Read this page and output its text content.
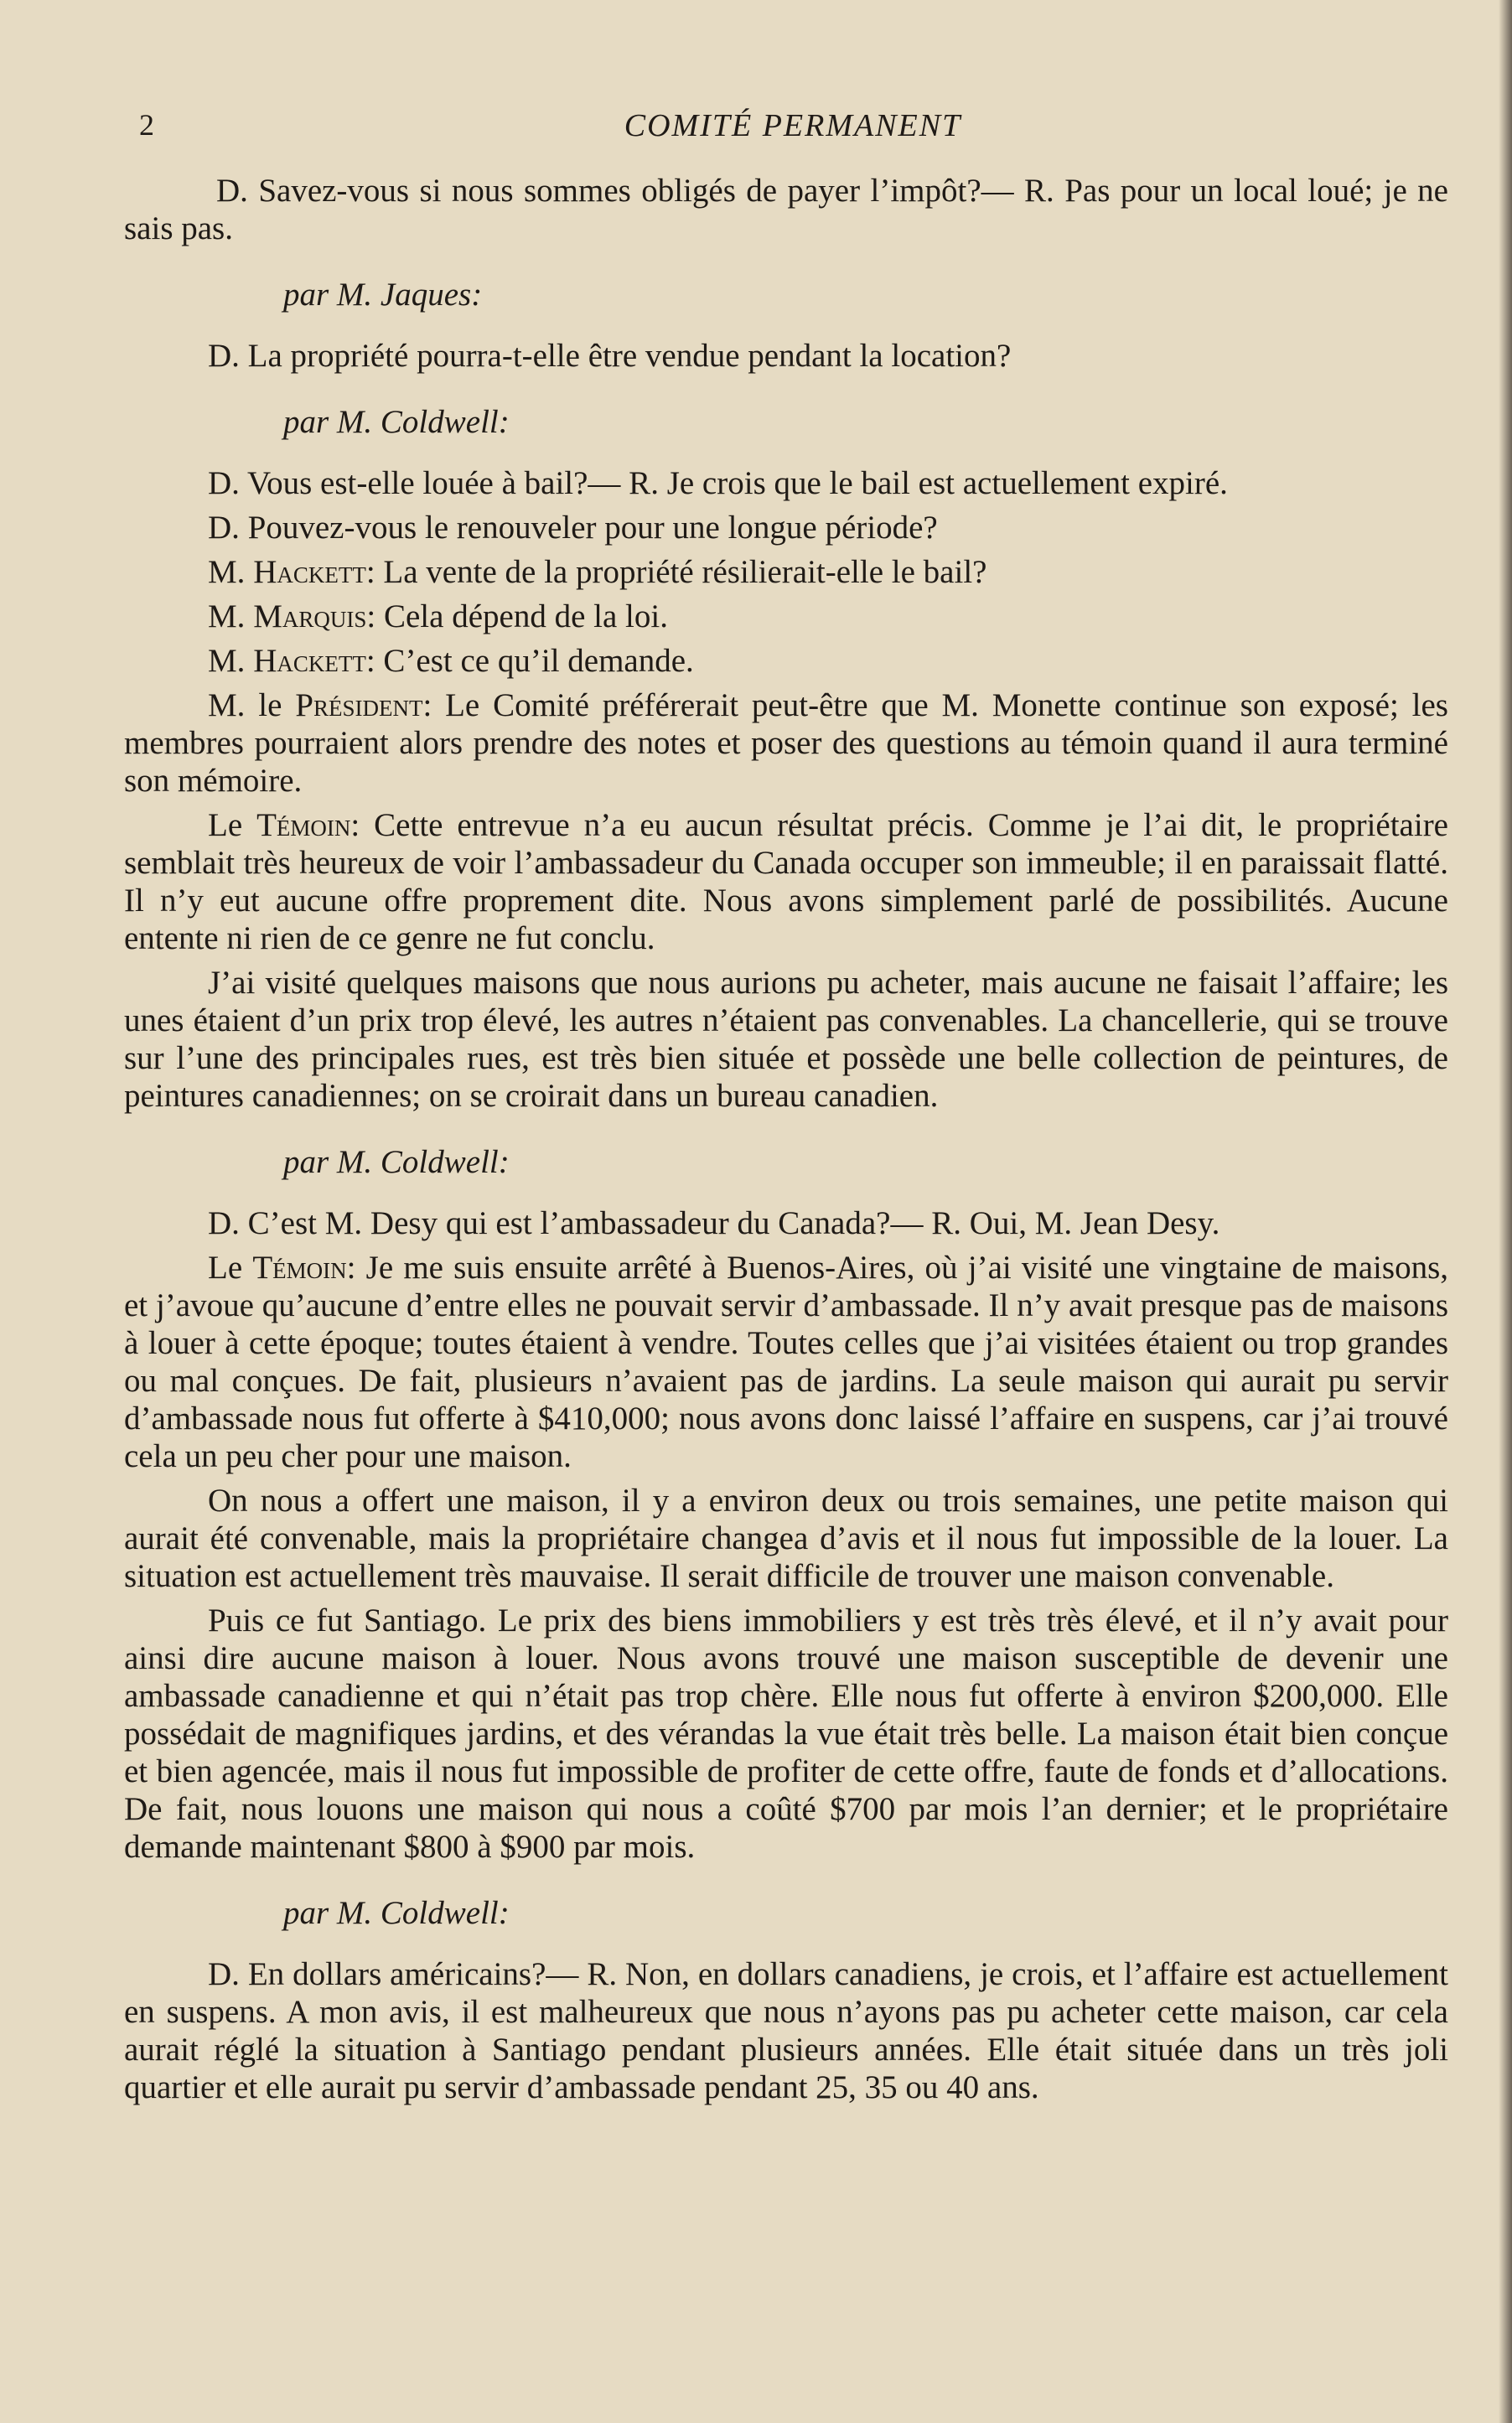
2	COMITÉ PERMANENT

D. Savez-vous si nous sommes obligés de payer l’impôt?— R. Pas pour un local loué; je ne sais pas.

par M. Jaques:

D. La propriété pourra-t-elle être vendue pendant la location?

par M. Coldwell:

D. Vous est-elle louée à bail?— R. Je crois que le bail est actuellement expiré.

D. Pouvez-vous le renouveler pour une longue période?

M. Hackett: La vente de la propriété résilierait-elle le bail?

M. Marquis: Cela dépend de la loi.

M. Hackett: C’est ce qu’il demande.

M. le Président: Le Comité préférerait peut-être que M. Monette continue son exposé; les membres pourraient alors prendre des notes et poser des questions au témoin quand il aura terminé son mémoire.

Le Témoin: Cette entrevue n’a eu aucun résultat précis. Comme je l’ai dit, le propriétaire semblait très heureux de voir l’ambassadeur du Canada occuper son immeuble; il en paraissait flatté. Il n’y eut aucune offre proprement dite. Nous avons simplement parlé de possibilités. Aucune entente ni rien de ce genre ne fut conclu.

J’ai visité quelques maisons que nous aurions pu acheter, mais aucune ne faisait l’affaire; les unes étaient d’un prix trop élevé, les autres n’étaient pas convenables. La chancellerie, qui se trouve sur l’une des principales rues, est très bien située et possède une belle collection de peintures, de peintures canadiennes; on se croirait dans un bureau canadien.

par M. Coldwell:

D. C’est M. Desy qui est l’ambassadeur du Canada?— R. Oui, M. Jean Desy.

Le Témoin: Je me suis ensuite arrêté à Buenos-Aires, où j’ai visité une vingtaine de maisons, et j’avoue qu’aucune d’entre elles ne pouvait servir d’ambassade. Il n’y avait presque pas de maisons à louer à cette époque; toutes étaient à vendre. Toutes celles que j’ai visitées étaient ou trop grandes ou mal conçues. De fait, plusieurs n’avaient pas de jardins. La seule maison qui aurait pu servir d’ambassade nous fut offerte à $410,000; nous avons donc laissé l’affaire en suspens, car j’ai trouvé cela un peu cher pour une maison.

On nous a offert une maison, il y a environ deux ou trois semaines, une petite maison qui aurait été convenable, mais la propriétaire changea d’avis et il nous fut impossible de la louer. La situation est actuellement très mauvaise. Il serait difficile de trouver une maison convenable.

Puis ce fut Santiago. Le prix des biens immobiliers y est très très élevé, et il n’y avait pour ainsi dire aucune maison à louer. Nous avons trouvé une maison susceptible de devenir une ambassade canadienne et qui n’était pas trop chère. Elle nous fut offerte à environ $200,000. Elle possédait de magnifiques jardins, et des vérandas la vue était très belle. La maison était bien conçue et bien agencée, mais il nous fut impossible de profiter de cette offre, faute de fonds et d’allocations. De fait, nous louons une maison qui nous a coûté $700 par mois l’an dernier; et le propriétaire demande maintenant $800 à $900 par mois.

par M. Coldwell:

D. En dollars américains?— R. Non, en dollars canadiens, je crois, et l’affaire est actuellement en suspens. A mon avis, il est malheureux que nous n’ayons pas pu acheter cette maison, car cela aurait réglé la situation à Santiago pendant plusieurs années. Elle était située dans un très joli quartier et elle aurait pu servir d’ambassade pendant 25, 35 ou 40 ans.
